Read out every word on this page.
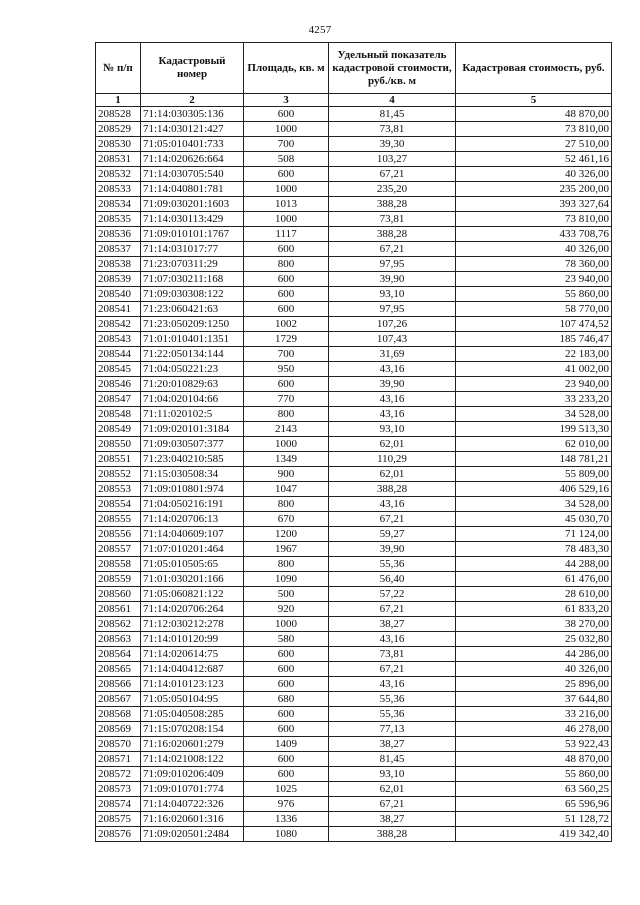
4257
№ п/п	Кадастровый номер	Площадь, кв. м	Удельный показатель кадастровой стоимости, руб./кв. м	Кадастровая стоимость, руб.
1	2	3	4	5
208528	71:14:030305:136	600	81,45	48 870,00
208529	71:14:030121:427	1000	73,81	73 810,00
208530	71:05:010401:733	700	39,30	27 510,00
208531	71:14:020626:664	508	103,27	52 461,16
208532	71:14:030705:540	600	67,21	40 326,00
208533	71:14:040801:781	1000	235,20	235 200,00
208534	71:09:030201:1603	1013	388,28	393 327,64
208535	71:14:030113:429	1000	73,81	73 810,00
208536	71:09:010101:1767	1117	388,28	433 708,76
208537	71:14:031017:77	600	67,21	40 326,00
208538	71:23:070311:29	800	97,95	78 360,00
208539	71:07:030211:168	600	39,90	23 940,00
208540	71:09:030308:122	600	93,10	55 860,00
208541	71:23:060421:63	600	97,95	58 770,00
208542	71:23:050209:1250	1002	107,26	107 474,52
208543	71:01:010401:1351	1729	107,43	185 746,47
208544	71:22:050134:144	700	31,69	22 183,00
208545	71:04:050221:23	950	43,16	41 002,00
208546	71:20:010829:63	600	39,90	23 940,00
208547	71:04:020104:66	770	43,16	33 233,20
208548	71:11:020102:5	800	43,16	34 528,00
208549	71:09:020101:3184	2143	93,10	199 513,30
208550	71:09:030507:377	1000	62,01	62 010,00
208551	71:23:040210:585	1349	110,29	148 781,21
208552	71:15:030508:34	900	62,01	55 809,00
208553	71:09:010801:974	1047	388,28	406 529,16
208554	71:04:050216:191	800	43,16	34 528,00
208555	71:14:020706:13	670	67,21	45 030,70
208556	71:14:040609:107	1200	59,27	71 124,00
208557	71:07:010201:464	1967	39,90	78 483,30
208558	71:05:010505:65	800	55,36	44 288,00
208559	71:01:030201:166	1090	56,40	61 476,00
208560	71:05:060821:122	500	57,22	28 610,00
208561	71:14:020706:264	920	67,21	61 833,20
208562	71:12:030212:278	1000	38,27	38 270,00
208563	71:14:010120:99	580	43,16	25 032,80
208564	71:14:020614:75	600	73,81	44 286,00
208565	71:14:040412:687	600	67,21	40 326,00
208566	71:14:010123:123	600	43,16	25 896,00
208567	71:05:050104:95	680	55,36	37 644,80
208568	71:05:040508:285	600	55,36	33 216,00
208569	71:15:070208:154	600	77,13	46 278,00
208570	71:16:020601:279	1409	38,27	53 922,43
208571	71:14:021008:122	600	81,45	48 870,00
208572	71:09:010206:409	600	93,10	55 860,00
208573	71:09:010701:774	1025	62,01	63 560,25
208574	71:14:040722:326	976	67,21	65 596,96
208575	71:16:020601:316	1336	38,27	51 128,72
208576	71:09:020501:2484	1080	388,28	419 342,40
